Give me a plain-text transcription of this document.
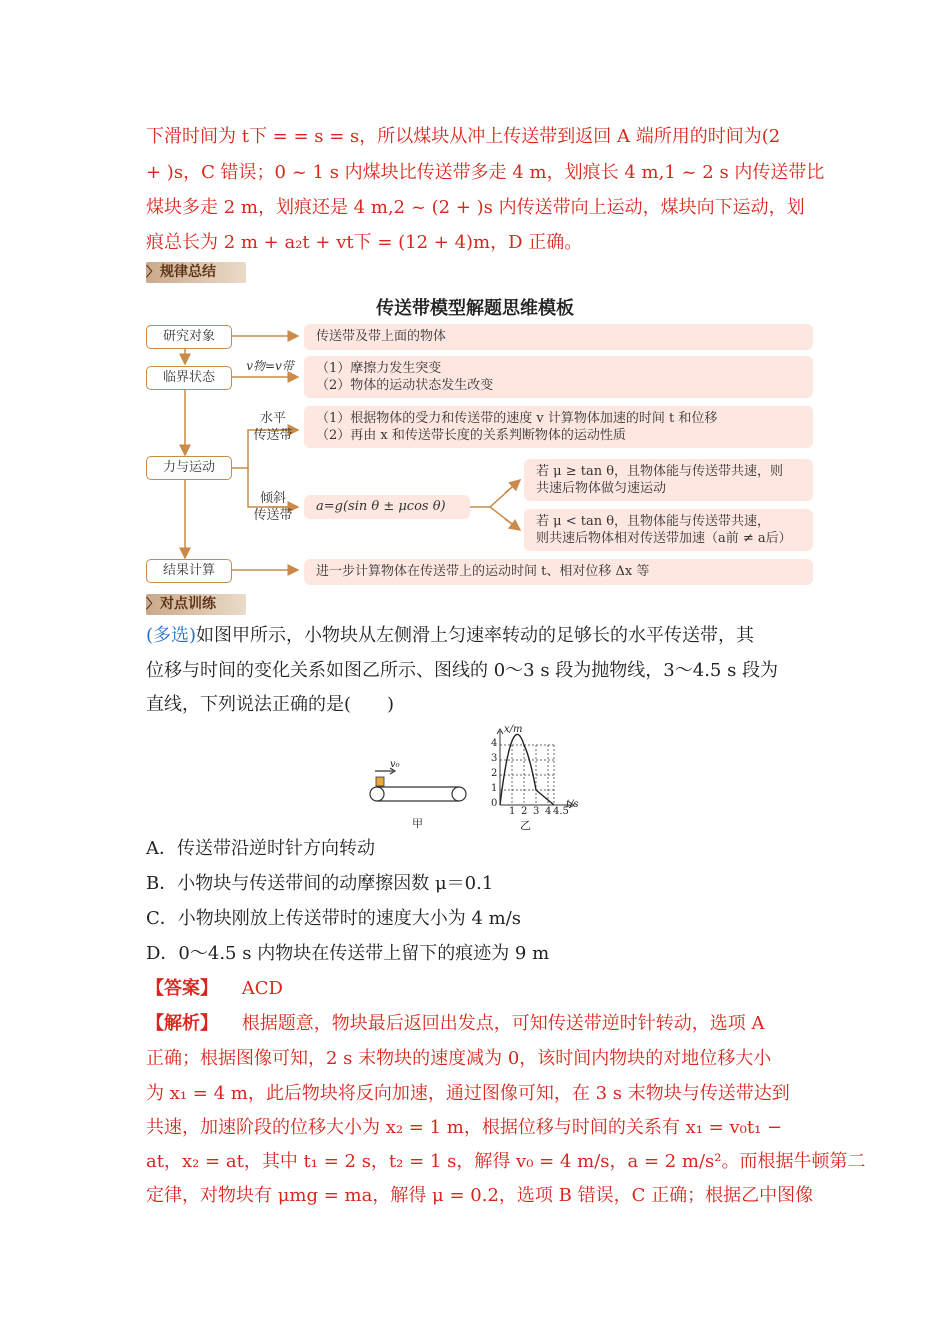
下滑时间为 t下 = = s = s，所以煤块从冲上传送带到返回 A 端所用的时间为(2
+ )s，C 错误；0 ~ 1 s 内煤块比传送带多走 4 m，划痕长 4 m,1 ~ 2 s 内传送带比
煤块多走 2 m，划痕还是 4 m,2 ~ (2 + )s 内传送带向上运动，煤块向下运动，划
痕总长为 2 m + a₂t + vt下 = (12 + 4)m，D 正确。
〉 规律总结
传送带模型解题思维模板
研究对象
临界状态
力与运动
结果计算
v物=v带
水平
传送带
倾斜
传送带
传送带及带上面的物体
（1）摩擦力发生突变
（2）物体的运动状态发生改变
（1）根据物体的受力和传送带的速度 v 计算物体加速的时间 t 和位移
（2）再由 x 和传送带长度的关系判断物体的运动性质
a=g(sin θ ± μcos θ)
若 μ ≥ tan θ，且物体能与传送带共速，则
共速后物体做匀速运动
若 μ < tan θ，且物体能与传送带共速，
则共速后物体相对传送带加速（a前 ≠ a后）
进一步计算物体在传送带上的运动时间 t、相对位移 Δx 等
〉 对点训练
(多选)如图甲所示，小物块从左侧滑上匀速率转动的足够长的水平传送带，其
位移与时间的变化关系如图乙所示、图线的 0～3 s 段为抛物线，3～4.5 s 段为
直线，下列说法正确的是(　　)
v₀
x/m
t/s
4
3
2
1
0
1 2 3 4 4.5
甲	乙
A．传送带沿逆时针方向转动
B．小物块与传送带间的动摩擦因数 μ＝0.1
C．小物块刚放上传送带时的速度大小为 4 m/s
D．0～4.5 s 内物块在传送带上留下的痕迹为 9 m
【答案】 ACD
【解析】 根据题意，物块最后返回出发点，可知传送带逆时针转动，选项 A
正确；根据图像可知，2 s 末物块的速度减为 0，该时间内物块的对地位移大小
为 x₁ = 4 m，此后物块将反向加速，通过图像可知，在 3 s 末物块与传送带达到
共速，加速阶段的位移大小为 x₂ = 1 m，根据位移与时间的关系有 x₁ = v₀t₁ −
at，x₂ = at，其中 t₁ = 2 s，t₂ = 1 s，解得 v₀ = 4 m/s，a = 2 m/s²。而根据牛顿第二
定律，对物块有 μmg = ma，解得 μ = 0.2，选项 B 错误，C 正确；根据乙中图像
